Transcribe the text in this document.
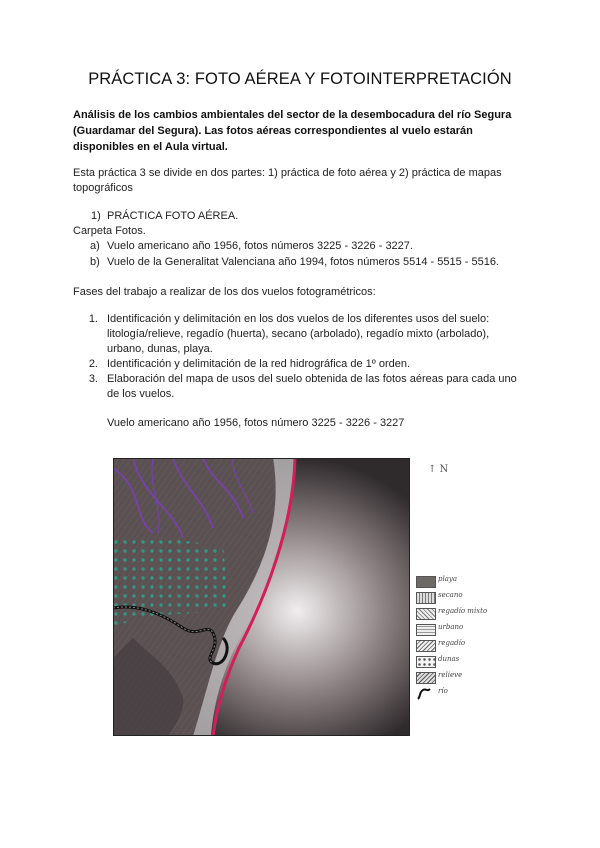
PRÁCTICA 3: FOTO AÉREA Y FOTOINTERPRETACIÓN
Análisis de los cambios ambientales del sector de la desembocadura del río Segura
(Guardamar del Segura). Las fotos aéreas correspondientes al vuelo estarán
disponibles en el Aula virtual.
Esta práctica 3 se divide en dos partes: 1) práctica de foto aérea y 2) práctica de mapas
topográficos
1) PRÁCTICA FOTO AÉREA.
Carpeta Fotos.
a) Vuelo americano año 1956, fotos números 3225 - 3226 - 3227.
b) Vuelo de la Generalitat Valenciana año 1994, fotos números 5514 - 5515 - 5516.
Fases del trabajo a realizar de los dos vuelos fotogramétricos:
1. Identificación y delimitación en los dos vuelos de los diferentes usos del suelo:
litología/relieve, regadío (huerta), secano (arbolado), regadío mixto (arbolado),
urbano, dunas, playa.
2. Identificación y delimitación de la red hidrográfica de 1º orden.
3. Elaboración del mapa de usos del suelo obtenida de las fotos aéreas para cada uno
de los vuelos.
Vuelo americano año 1956, fotos número 3225 - 3226 - 3227
↑ N
playa
secano
regadío mixto
urbano
regadío
dunas
relieve
río
